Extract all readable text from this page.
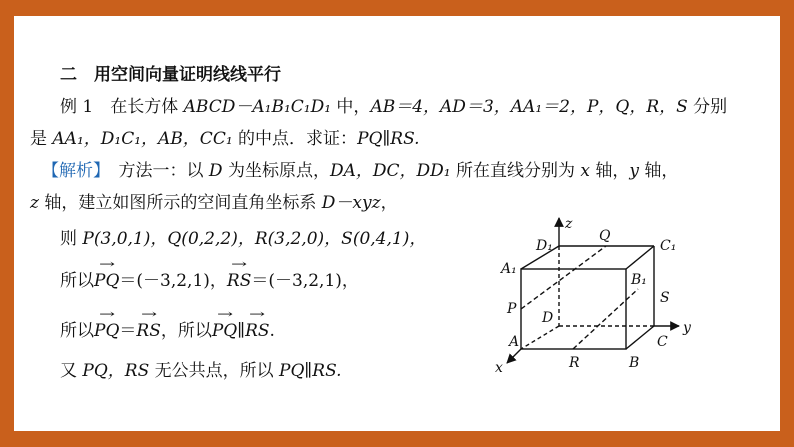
二　用空间向量证明线线平行
例 1　 在长方体 ABCD－A₁B₁C₁D₁ 中，AB＝4，AD＝3，AA₁＝2，P，Q，R，S 分别
是 AA₁，D₁C₁，AB，CC₁ 的中点．求证：PQ∥RS.
【解析】　 方法一：以 D 为坐标原点，DA，DC，DD₁ 所在直线分别为 x 轴，y 轴，
z 轴，建立如图所示的空间直角坐标系 D－xyz，
则 P(3,0,1)，Q(0,2,2)，R(3,2,0)，S(0,4,1)，
所以→ PQ＝(－3,2,1)，→ RS＝(－3,2,1)，
所以→ PQ＝→ RS，所以→ PQ∥→ RS.
又 PQ，RS 无公共点，所以 PQ∥RS.
z
y
x
D₁
Q
C₁
A₁
B₁
S
P
D
A	C
R	B
